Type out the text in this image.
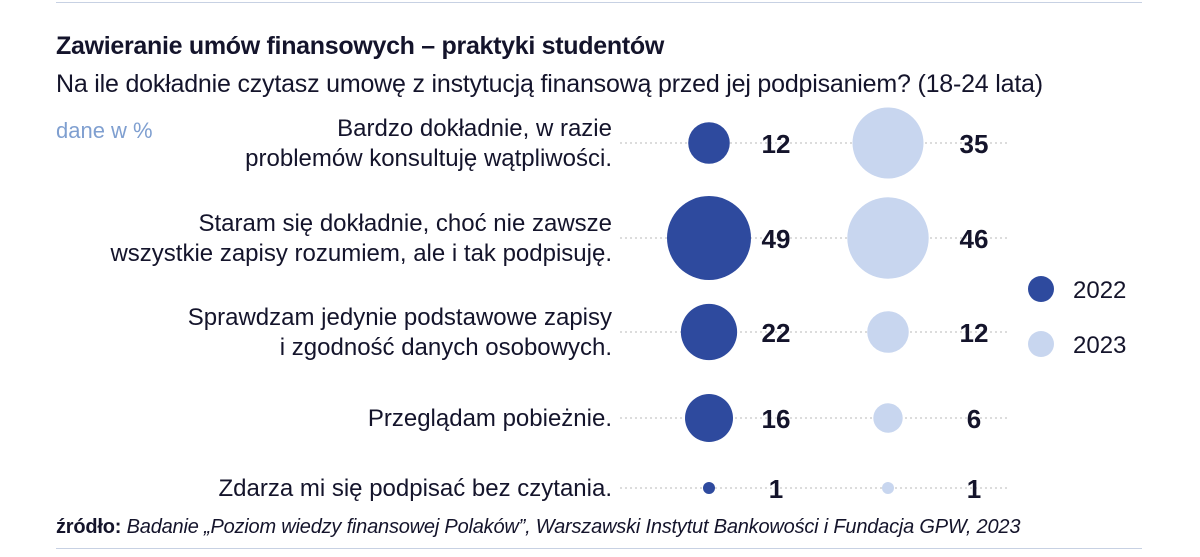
Zawieranie umów finansowych – praktyki studentów
Na ile dokładnie czytasz umowę z instytucją finansową przed jej podpisaniem? (18-24 lata)
dane w %	Bardzo dokładnie, w razie
problemów konsultuję wątpliwości.	12	35
Staram się dokładnie, choć nie zawsze
wszystkie zapisy rozumiem, ale i tak podpisuję.	49	46
Sprawdzam jedynie podstawowe zapisy
i zgodność danych osobowych.	22	12
Przeglądam pobieżnie.	16	6
Zdarza mi się podpisać bez czytania.	1	1
2022
2023
źródło: Badanie „Poziom wiedzy finansowej Polaków”, Warszawski Instytut Bankowości i Fundacja GPW, 2023
